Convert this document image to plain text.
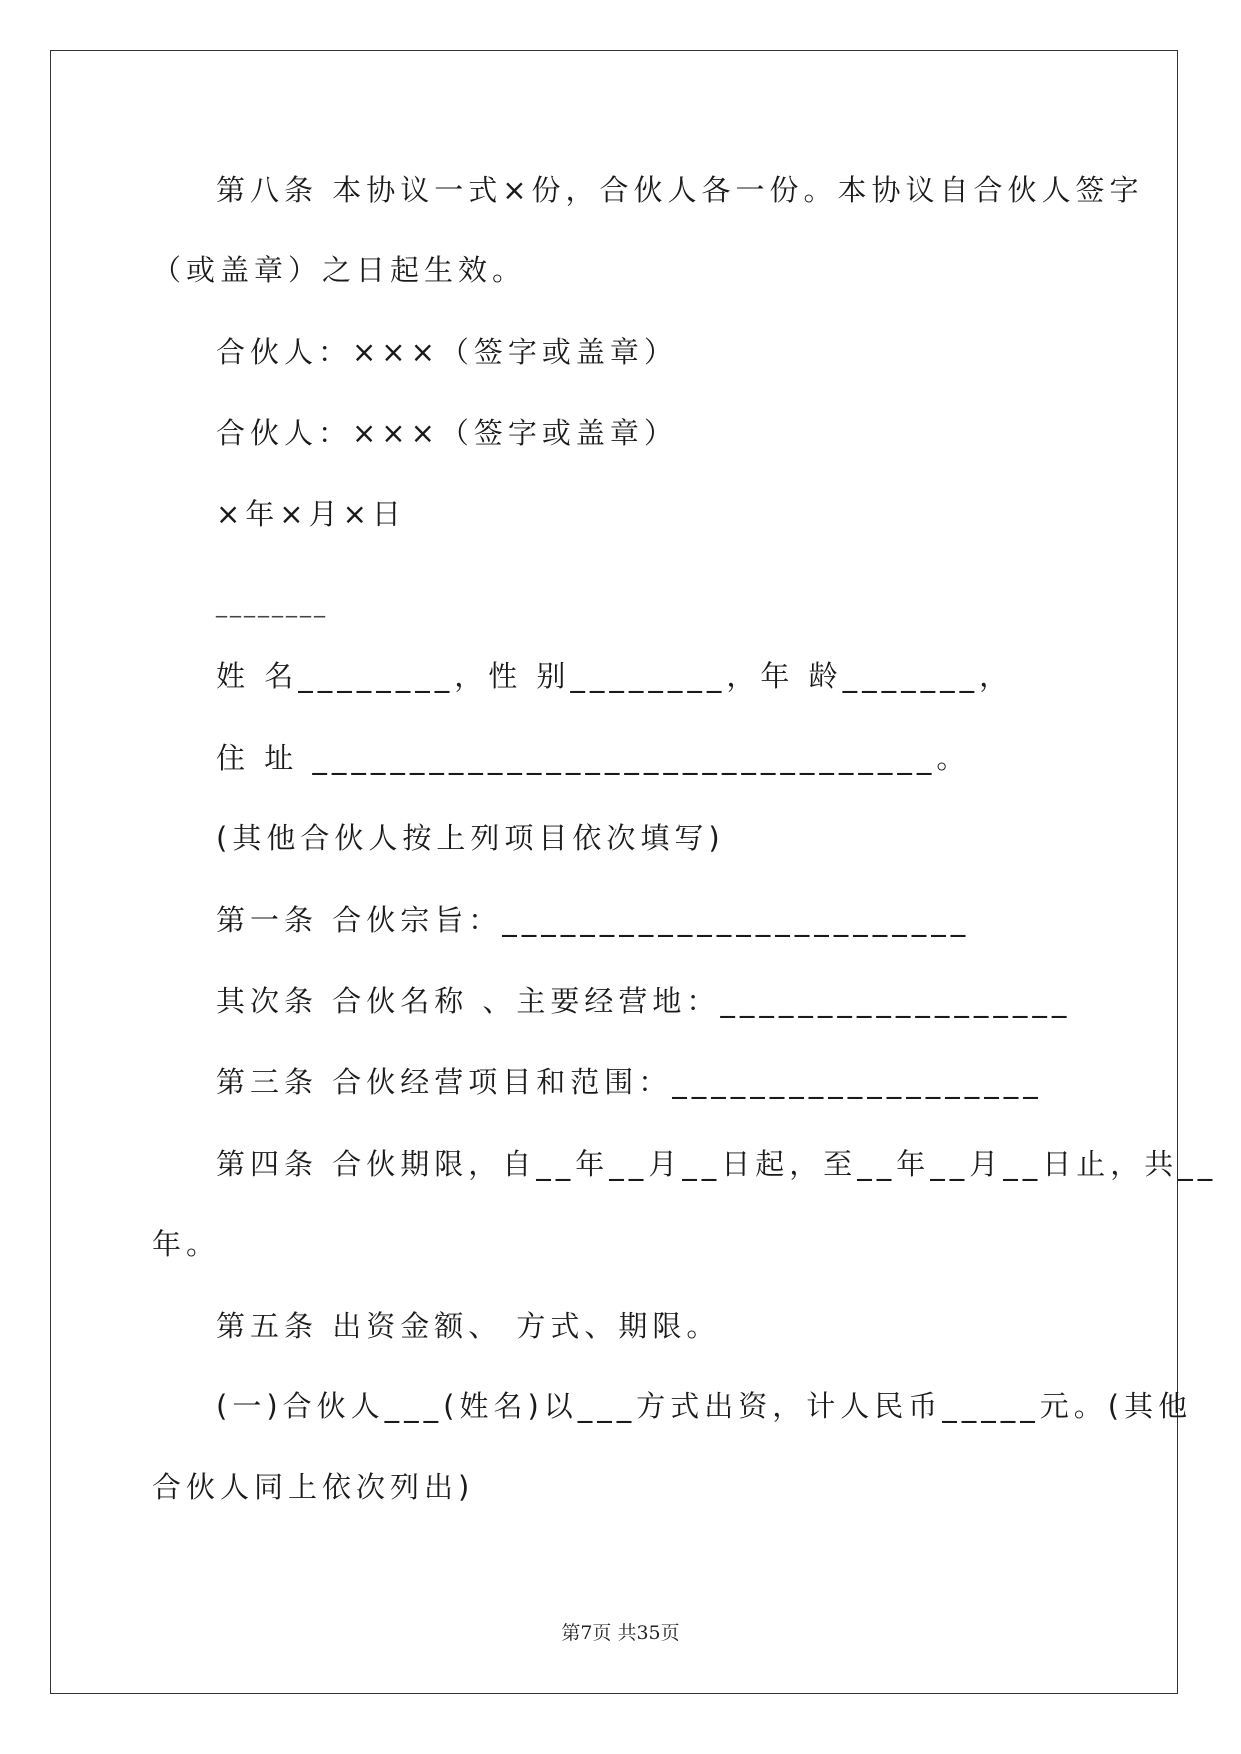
第八条 本协议一式×份，合伙人各一份。本协议自合伙人签字
（或盖章）之日起生效。
合伙人：×××（签字或盖章）
合伙人：×××（签字或盖章）
×年×月×日
________
姓 名________，性 别________，年 龄_______，
住 址 ________________________________。
(其他合伙人按上列项目依次填写)
第一条 合伙宗旨：________________________
其次条 合伙名称 、主要经营地：__________________
第三条 合伙经营项目和范围：___________________
第四条 合伙期限，自__年__月__日起，至__年__月__日止，共__
年。
第五条 出资金额、 方式、期限。
(一)合伙人___(姓名)以___方式出资，计人民币_____元。(其他
合伙人同上依次列出)
第7页 共35页
